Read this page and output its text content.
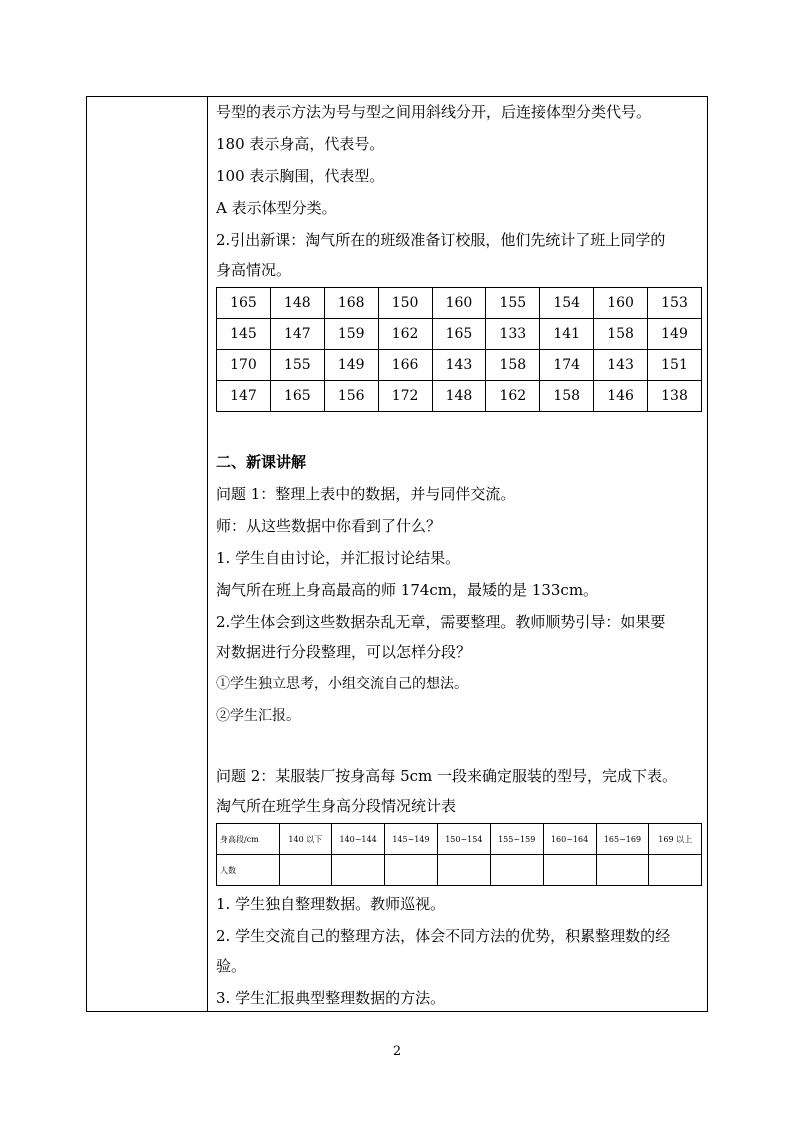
号型的表示方法为号与型之间用斜线分开，后连接体型分类代号。
180 表示身高，代表号。
100 表示胸围，代表型。
A 表示体型分类。
2.引出新课：淘气所在的班级准备订校服，他们先统计了班上同学的
身高情况。
165	148	168	150	160	155	154	160	153
145	147	159	162	165	133	141	158	149
170	155	149	166	143	158	174	143	151
147	165	156	172	148	162	158	146	138
二、新课讲解
问题 1：整理上表中的数据，并与同伴交流。
师：从这些数据中你看到了什么？
1. 学生自由讨论，并汇报讨论结果。
淘气所在班上身高最高的师 174cm，最矮的是 133cm。
2.学生体会到这些数据杂乱无章，需要整理。教师顺势引导：如果要
对数据进行分段整理，可以怎样分段？
①学生独立思考，小组交流自己的想法。
②学生汇报。
问题 2：某服装厂按身高每 5cm 一段来确定服装的型号，完成下表。
淘气所在班学生身高分段情况统计表
身高段/cm	140 以下	140~144	145~149	150~154	155~159	160~164	165~169	169 以上
人数								
1. 学生独自整理数据。教师巡视。
2. 学生交流自己的整理方法，体会不同方法的优势，积累整理数的经
验。
3. 学生汇报典型整理数据的方法。
2
